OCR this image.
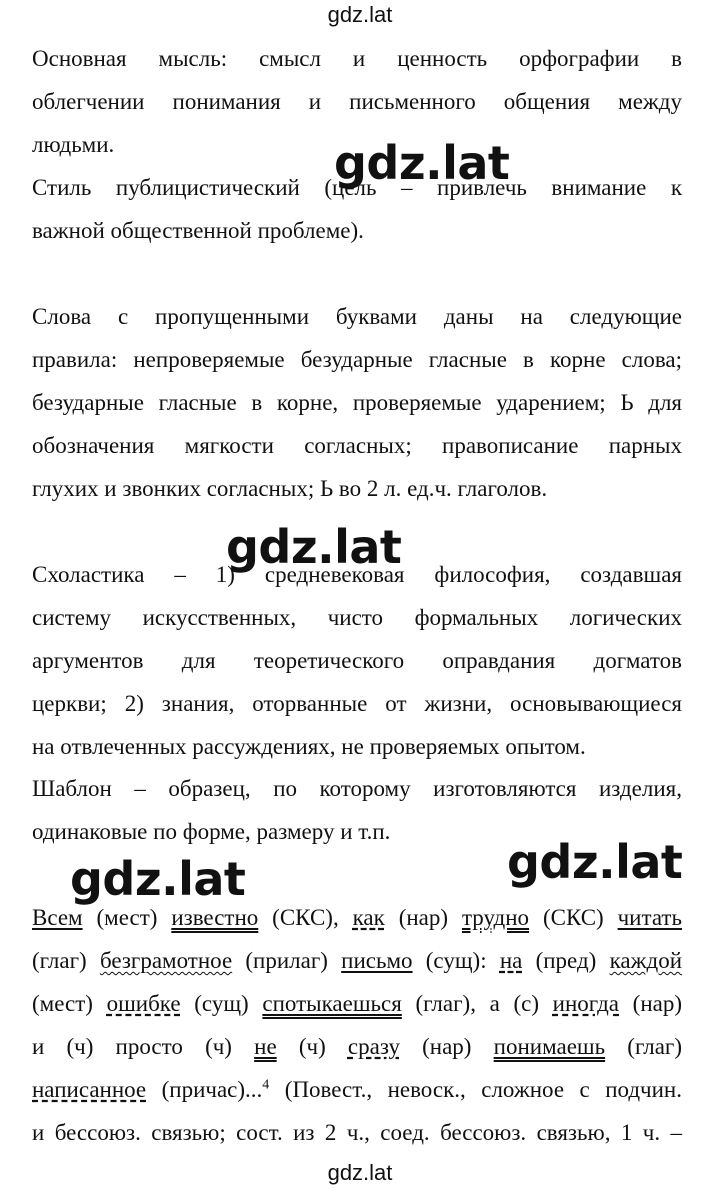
gdz.lat
gdz.lat
Основная мысль: смысл и ценность орфографии в
облегчении понимания и письменного общения между
людьми.
Стиль публицистический (цель – привлечь внимание к
важной общественной проблеме).
Слова с пропущенными буквами даны на следующие
правила: непроверяемые безударные гласные в корне слова;
безударные гласные в корне, проверяемые ударением; Ь для
обозначения мягкости согласных; правописание парных
глухих и звонких согласных; Ь во 2 л. ед.ч. глаголов.
Схоластика – 1) средневековая философия, создавшая
систему искусственных, чисто формальных логических
аргументов для теоретического оправдания догматов
церкви; 2) знания, оторванные от жизни, основывающиеся
на отвлеченных рассуждениях, не проверяемых опытом.
Шаблон – образец, по которому изготовляются изделия,
одинаковые по форме, размеру и т.п.
Всем (мест) известно (СКС), как (нар) трудно (СКС) читать
(глаг) безграмотное (прилаг) письмо (сущ): на (пред) каждой
(мест) ошибке (сущ) спотыкаешься (глаг), а (с) иногда (нар)
и (ч) просто (ч) не (ч) сразу (нар) понимаешь (глаг)
написанное (причас)...$^4$ (Повест., невоск., сложное с подчин.
и бессоюз. связью; сост. из 2 ч., соед. бессоюз. связью, 1 ч. –
gdz.lat
gdz.lat
gdz.lat	gdz.lat
